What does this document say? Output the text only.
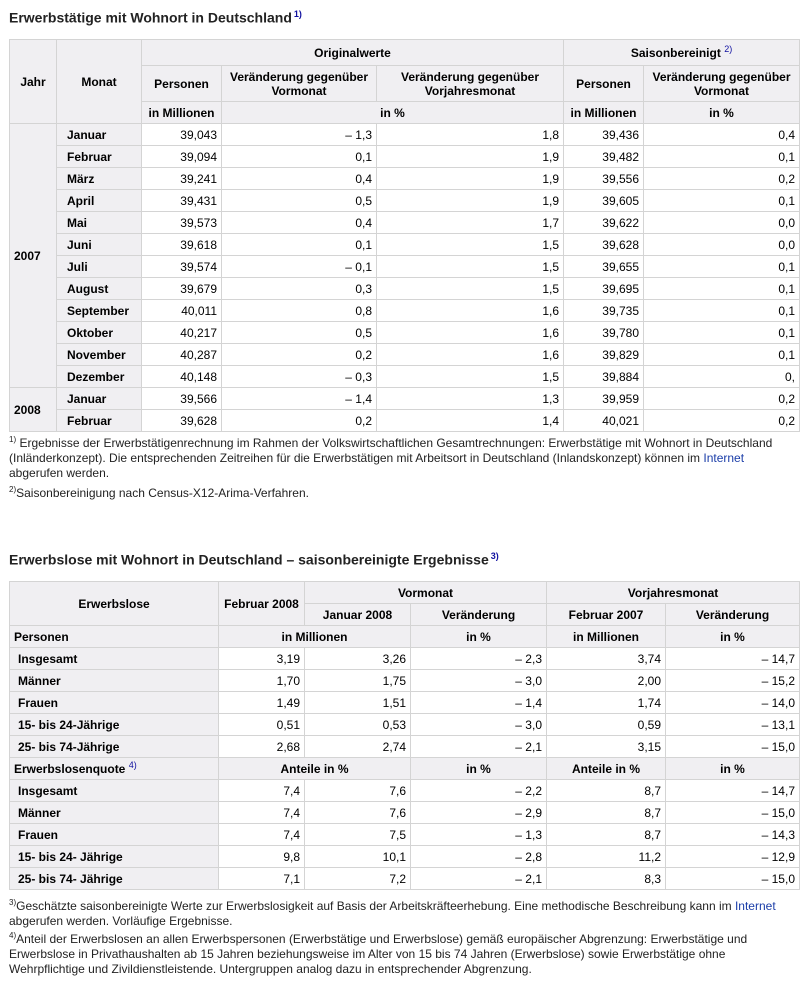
Erwerbstätige mit Wohnort in Deutschland $^{1)}$
Jahr	Monat	Originalwerte			Saisonbereinigt $^{2)}$
		Personen	Veränderung gegenüber Vormonat	Veränderung gegenüber Vorjahresmonat	Personen	Veränderung gegenüber Vormonat
		in Millionen	in %		in Millionen	in %
2007	Januar	39,043	– 1,3	1,8	39,436	0,4
	Februar	39,094	0,1	1,9	39,482	0,1
	März	39,241	0,4	1,9	39,556	0,2
	April	39,431	0,5	1,9	39,605	0,1
	Mai	39,573	0,4	1,7	39,622	0,0
	Juni	39,618	0,1	1,5	39,628	0,0
	Juli	39,574	– 0,1	1,5	39,655	0,1
	August	39,679	0,3	1,5	39,695	0,1
	September	40,011	0,8	1,6	39,735	0,1
	Oktober	40,217	0,5	1,6	39,780	0,1
	November	40,287	0,2	1,6	39,829	0,1
	Dezember	40,148	– 0,3	1,5	39,884	0,
2008	Januar	39,566	– 1,4	1,3	39,959	0,2
	Februar	39,628	0,2	1,4	40,021	0,2

$^{1)}$ Ergebnisse der Erwerbstätigenrechnung im Rahmen der Volkswirtschaftlichen Gesamtrechnungen: Erwerbstätige mit Wohnort in Deutschland (Inländerkonzept). Die entsprechenden Zeitreihen für die Erwerbstätigen mit Arbeitsort in Deutschland (Inlandskonzept) können im Internet abgerufen werden.

$^{2)}$Saisonbereinigung nach Census-X12-Arima-Verfahren.

Erwerbslose mit Wohnort in Deutschland – saisonbereinigte Ergebnisse $^{3)}$
Erwerbslose	Februar 2008	Vormonat		Vorjahresmonat	
		Januar 2008	Veränderung	Februar 2007	Veränderung
Personen	in Millionen		in %	in Millionen	in %
Insgesamt	3,19	3,26	– 2,3	3,74	– 14,7
Männer	1,70	1,75	– 3,0	2,00	– 15,2
Frauen	1,49	1,51	– 1,4	1,74	– 14,0
15- bis 24-Jährige	0,51	0,53	– 3,0	0,59	– 13,1
25- bis 74-Jährige	2,68	2,74	– 2,1	3,15	– 15,0
Erwerbslosenquote $^{4)}$	Anteile in %		in %	Anteile in %	in %
Insgesamt	7,4	7,6	– 2,2	8,7	– 14,7
Männer	7,4	7,6	– 2,9	8,7	– 15,0
Frauen	7,4	7,5	– 1,3	8,7	– 14,3
15- bis 24- Jährige	9,8	10,1	– 2,8	11,2	– 12,9
25- bis 74- Jährige	7,1	7,2	– 2,1	8,3	– 15,0

$^{3)}$Geschätzte saisonbereinigte Werte zur Erwerbslosigkeit auf Basis der Arbeitskräfteerhebung. Eine methodische Beschreibung kann im Internet abgerufen werden. Vorläufige Ergebnisse.

$^{4)}$Anteil der Erwerbslosen an allen Erwerbspersonen (Erwerbstätige und Erwerbslose) gemäß europäischer Abgrenzung: Erwerbstätige und Erwerbslose in Privathaushalten ab 15 Jahren beziehungsweise im Alter von 15 bis 74 Jahren (Erwerbslose) sowie Erwerbstätige ohne Wehrpflichtige und Zivildienstleistende. Untergruppen analog dazu in entsprechender Abgrenzung.
